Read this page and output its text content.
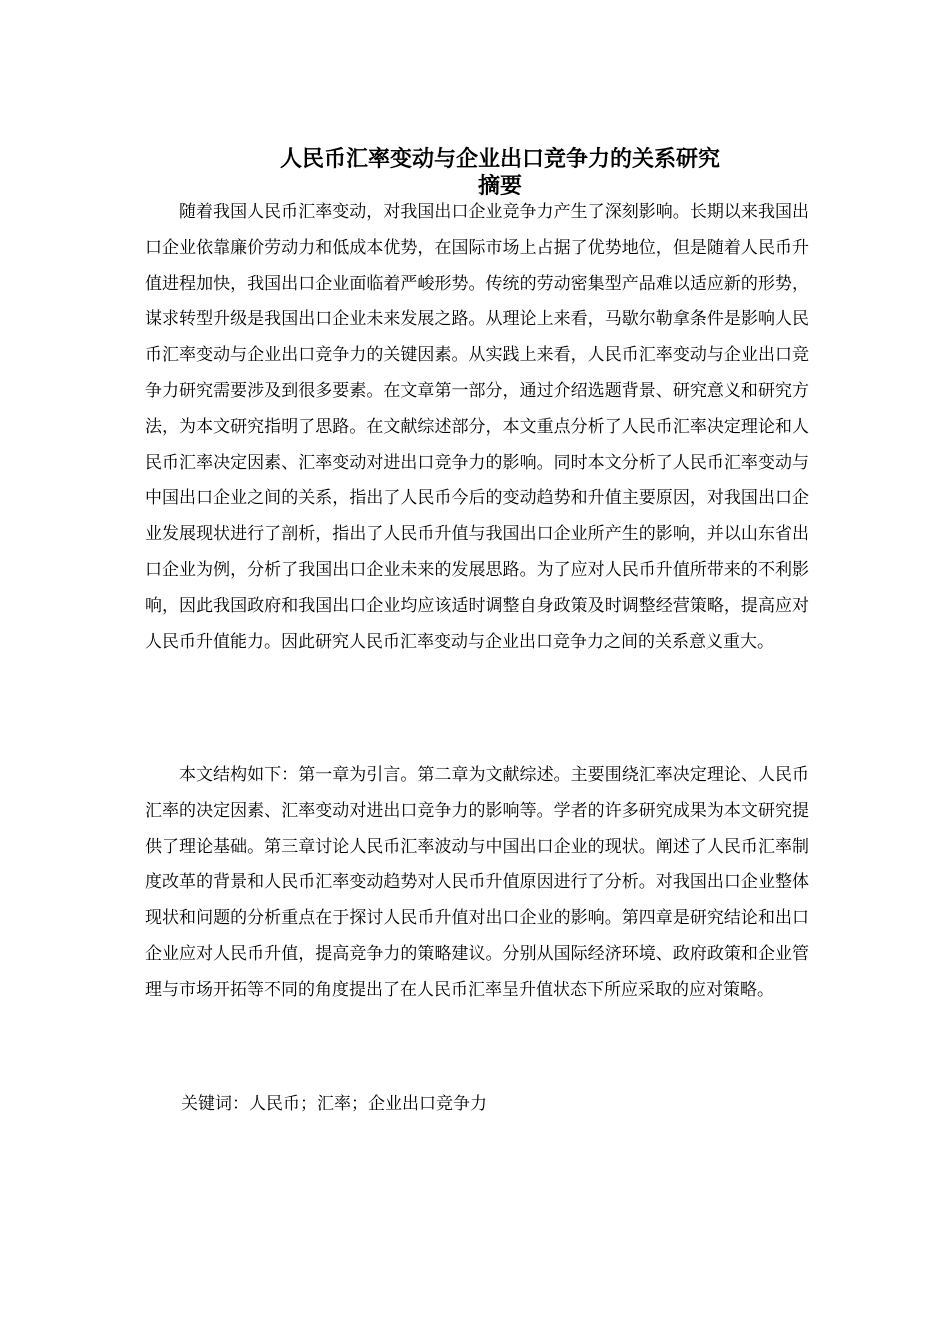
人民币汇率变动与企业出口竞争力的关系研究
摘要

随着我国人民币汇率变动，对我国出口企业竞争力产生了深刻影响。长期以来我国出口企业依靠廉价劳动力和低成本优势，在国际市场上占据了优势地位，但是随着人民币升值进程加快，我国出口企业面临着严峻形势。传统的劳动密集型产品难以适应新的形势，谋求转型升级是我国出口企业未来发展之路。从理论上来看，马歇尔勒拿条件是影响人民币汇率变动与企业出口竞争力的关键因素。从实践上来看，人民币汇率变动与企业出口竞争力研究需要涉及到很多要素。在文章第一部分，通过介绍选题背景、研究意义和研究方法，为本文研究指明了思路。在文献综述部分，本文重点分析了人民币汇率决定理论和人民币汇率决定因素、汇率变动对进出口竞争力的影响。同时本文分析了人民币汇率变动与中国出口企业之间的关系，指出了人民币今后的变动趋势和升值主要原因，对我国出口企业发展现状进行了剖析，指出了人民币升值与我国出口企业所产生的影响，并以山东省出口企业为例，分析了我国出口企业未来的发展思路。为了应对人民币升值所带来的不利影响，因此我国政府和我国出口企业均应该适时调整自身政策及时调整经营策略，提高应对人民币升值能力。因此研究人民币汇率变动与企业出口竞争力之间的关系意义重大。

本文结构如下：第一章为引言。第二章为文献综述。主要围绕汇率决定理论、人民币汇率的决定因素、汇率变动对进出口竞争力的影响等。学者的许多研究成果为本文研究提供了理论基础。第三章讨论人民币汇率波动与中国出口企业的现状。阐述了人民币汇率制度改革的背景和人民币汇率变动趋势对人民币升值原因进行了分析。对我国出口企业整体现状和问题的分析重点在于探讨人民币升值对出口企业的影响。第四章是研究结论和出口企业应对人民币升值，提高竞争力的策略建议。分别从国际经济环境、政府政策和企业管理与市场开拓等不同的角度提出了在人民币汇率呈升值状态下所应采取的应对策略。

关键词：人民币；汇率；企业出口竞争力
